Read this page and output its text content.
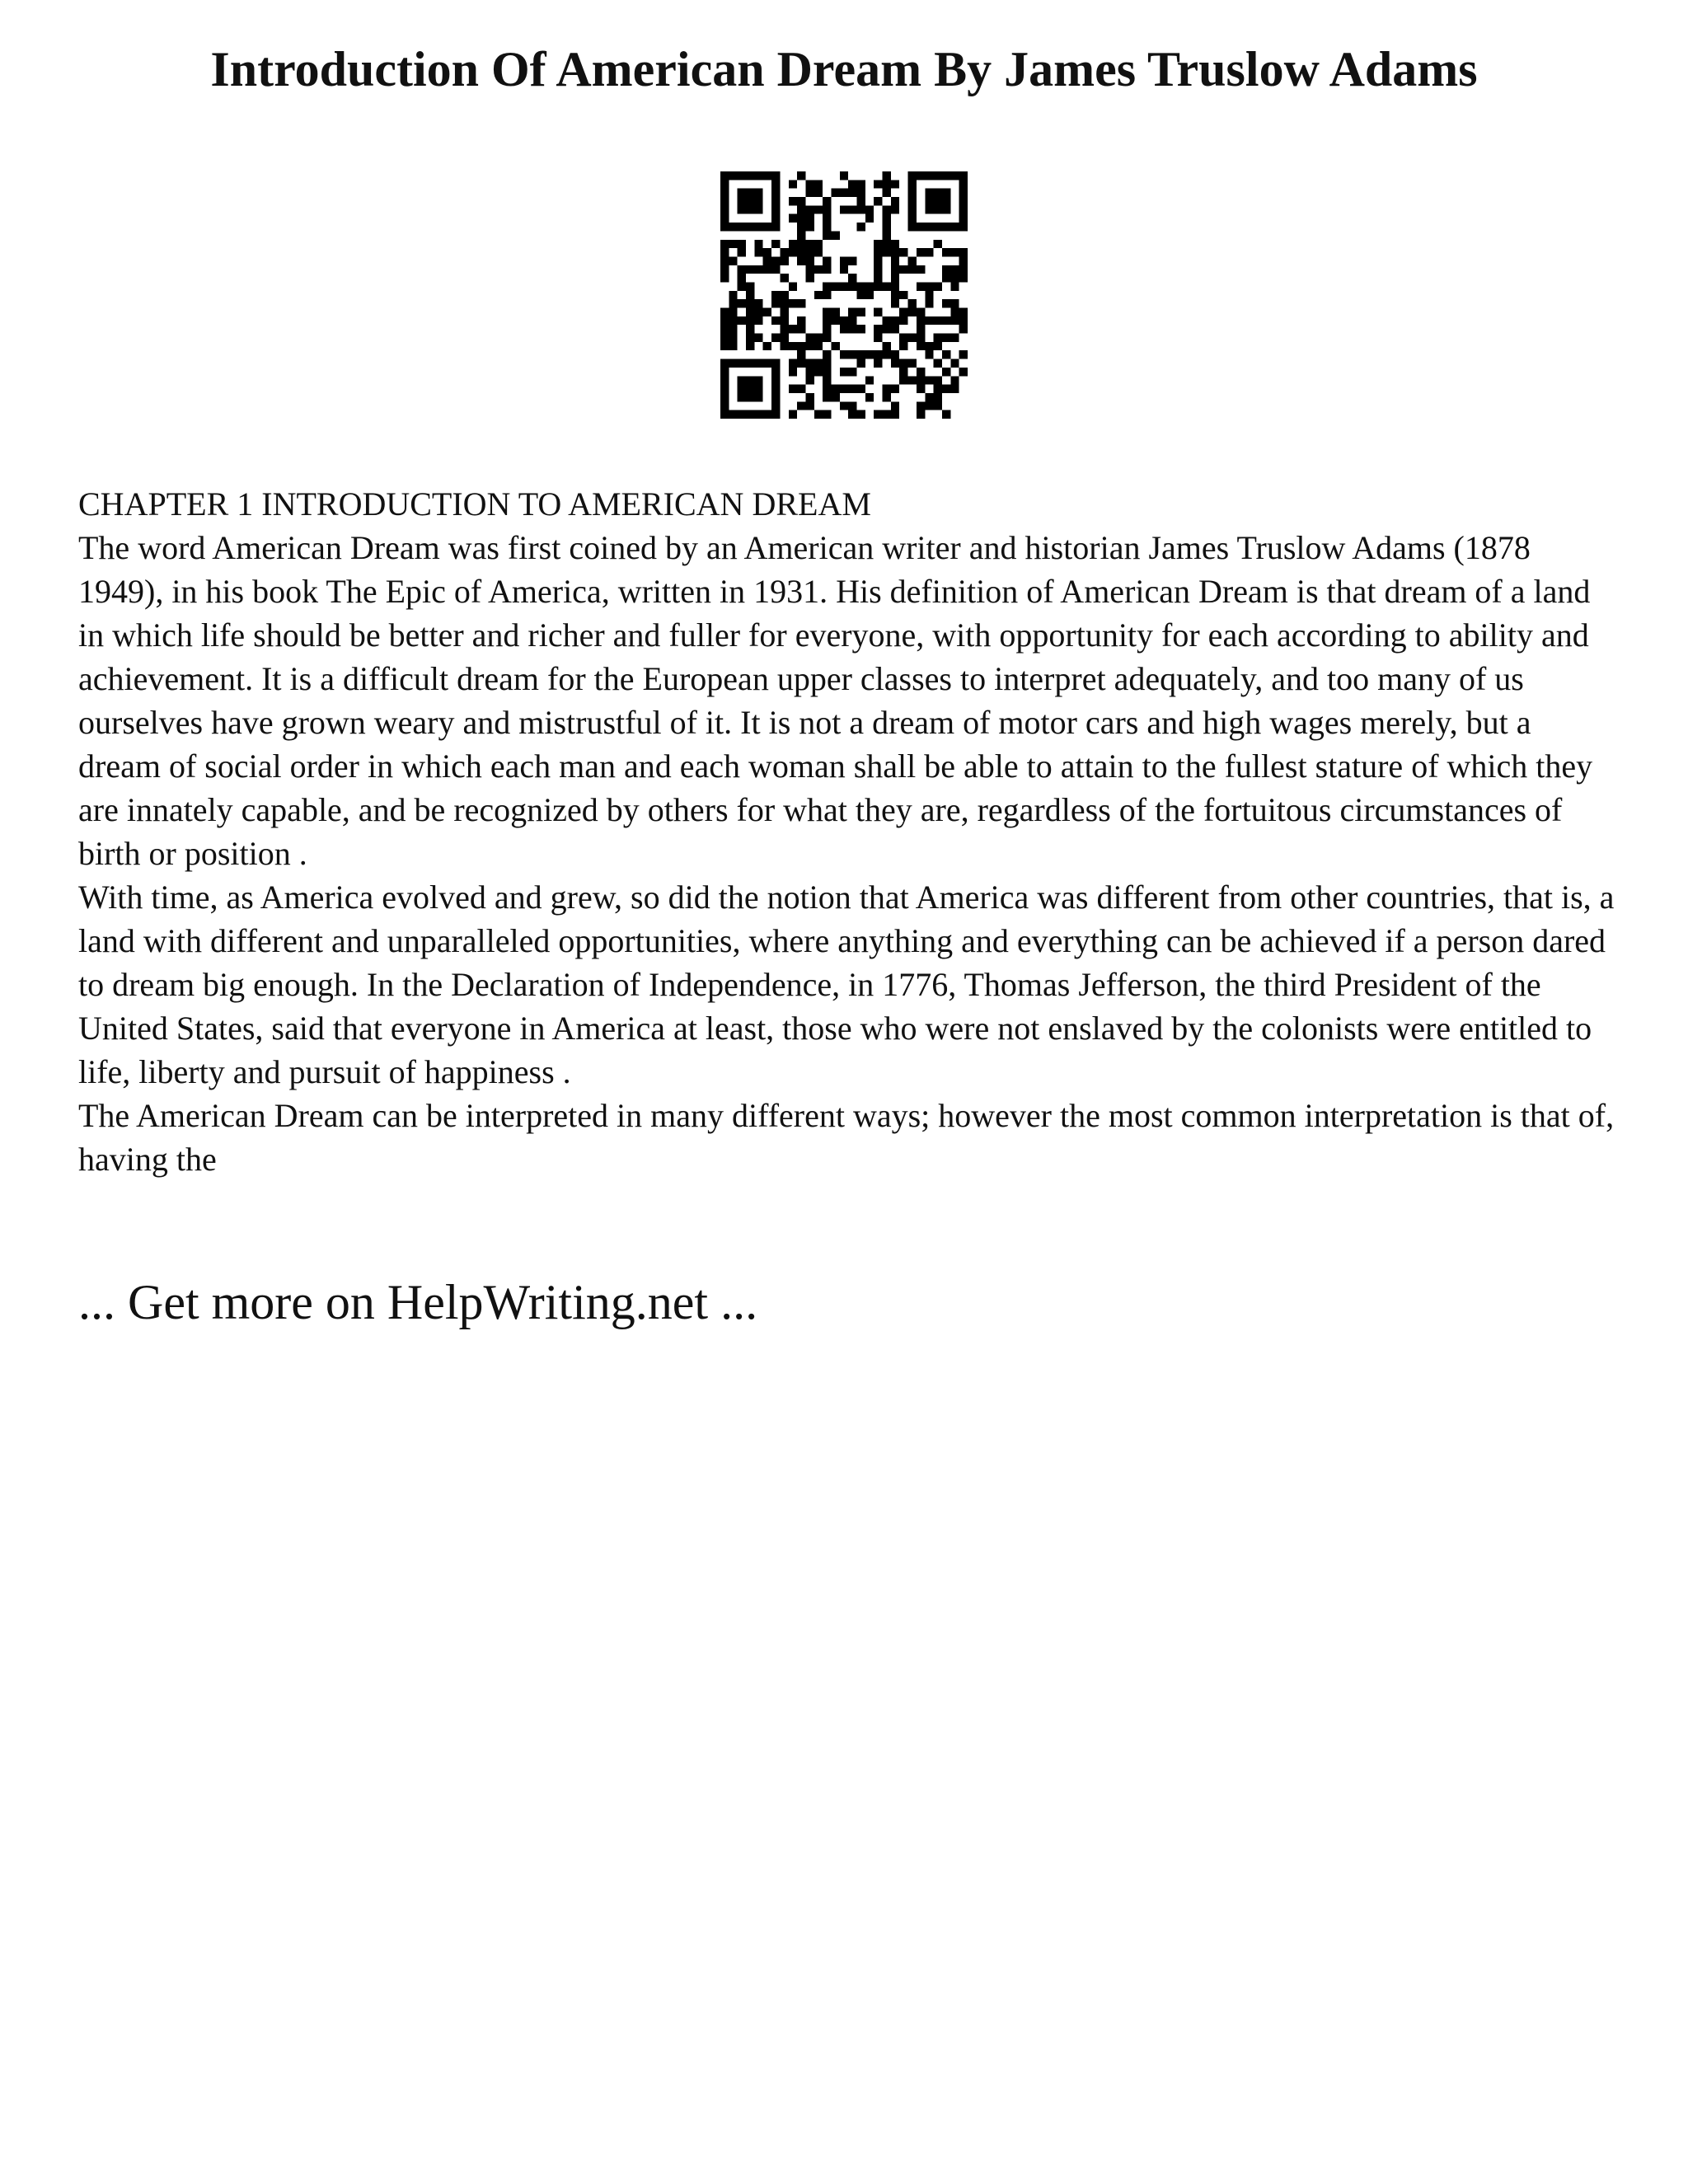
Introduction Of American Dream By James Truslow Adams

CHAPTER 1 INTRODUCTION TO AMERICAN DREAM

The word American Dream was first coined by an American writer and historian James Truslow Adams (1878 1949), in his book The Epic of America, written in 1931. His definition of American Dream is that dream of a land in which life should be better and richer and fuller for everyone, with opportunity for each according to ability and achievement. It is a difficult dream for the European upper classes to interpret adequately, and too many of us ourselves have grown weary and mistrustful of it. It is not a dream of motor cars and high wages merely, but a dream of social order in which each man and each woman shall be able to attain to the fullest stature of which they are innately capable, and be recognized by others for what they are, regardless of the fortuitous circumstances of birth or position .

With time, as America evolved and grew, so did the notion that America was different from other countries, that is, a land with different and unparalleled opportunities, where anything and everything can be achieved if a person dared to dream big enough. In the Declaration of Independence, in 1776, Thomas Jefferson, the third President of the United States, said that everyone in America at least, those who were not enslaved by the colonists were entitled to life, liberty and pursuit of happiness .

The American Dream can be interpreted in many different ways; however the most common interpretation is that of, having the

... Get more on HelpWriting.net ...
